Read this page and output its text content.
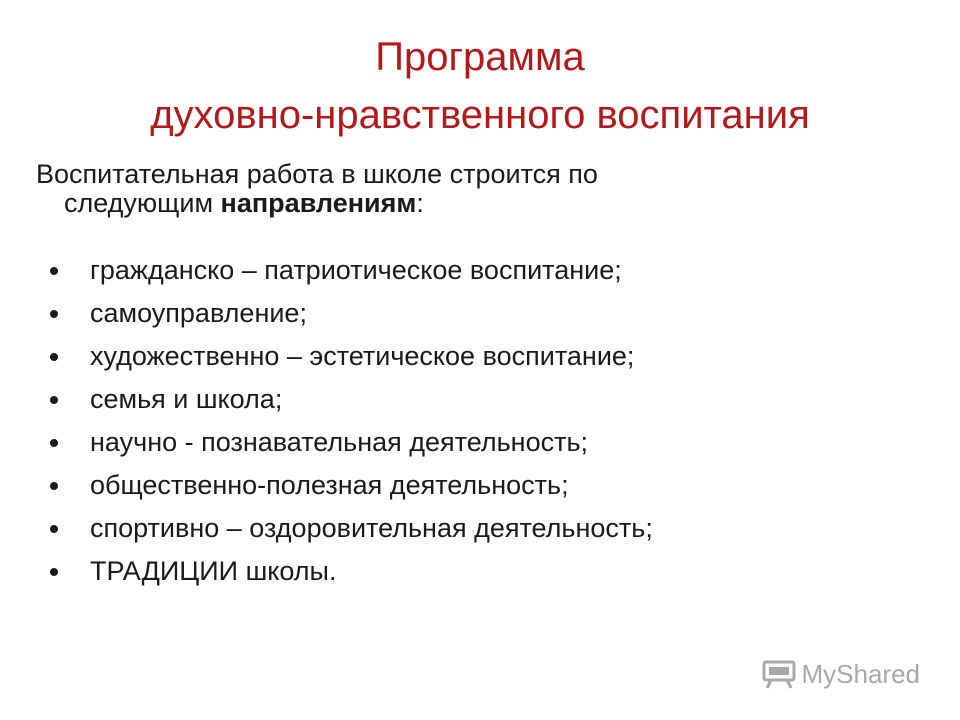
Программа
духовно-нравственного воспитания
Воспитательная работа в школе строится по
следующим направлениям:
гражданско – патриотическое воспитание;
самоуправление;
художественно – эстетическое воспитание;
семья и школа;
научно - познавательная деятельность;
общественно-полезная деятельность;
спортивно – оздоровительная деятельность;
ТРАДИЦИИ школы.
MyShared
